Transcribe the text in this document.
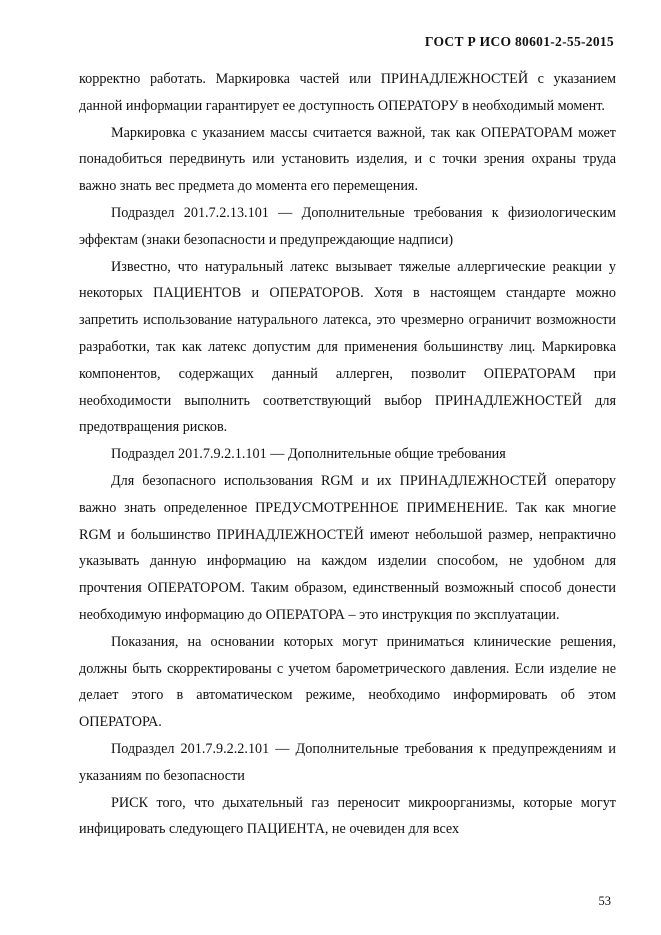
ГОСТ Р ИСО 80601-2-55-2015

корректно работать. Маркировка частей или ПРИНАДЛЕЖНОСТЕЙ с указанием данной информации гарантирует ее доступность ОПЕРАТОРУ в необходимый момент.

Маркировка с указанием массы считается важной, так как ОПЕРАТОРАМ может понадобиться передвинуть или установить изделия, и с точки зрения охраны труда важно знать вес предмета до момента его перемещения.

Подраздел 201.7.2.13.101 — Дополнительные требования к физиологическим эффектам (знаки безопасности и предупреждающие надписи)

Известно, что натуральный латекс вызывает тяжелые аллергические реакции у некоторых ПАЦИЕНТОВ и ОПЕРАТОРОВ. Хотя в настоящем стандарте можно запретить использование натурального латекса, это чрезмерно ограничит возможности разработки, так как латекс допустим для применения большинству лиц. Маркировка компонентов, содержащих данный аллерген, позволит ОПЕРАТОРАМ при необходимости выполнить соответствующий выбор ПРИНАДЛЕЖНОСТЕЙ для предотвращения рисков.

Подраздел 201.7.9.2.1.101 — Дополнительные общие требования

Для безопасного использования RGM и их ПРИНАДЛЕЖНОСТЕЙ оператору важно знать определенное ПРЕДУСМОТРЕННОЕ ПРИМЕНЕНИЕ. Так как многие RGM и большинство ПРИНАДЛЕЖНОСТЕЙ имеют небольшой размер, непрактично указывать данную информацию на каждом изделии способом, не удобном для прочтения ОПЕРАТОРОМ. Таким образом, единственный возможный способ донести необходимую информацию до ОПЕРАТОРА – это инструкция по эксплуатации.

Показания, на основании которых могут приниматься клинические решения, должны быть скорректированы с учетом барометрического давления. Если изделие не делает этого в автоматическом режиме, необходимо информировать об этом ОПЕРАТОРА.

Подраздел 201.7.9.2.2.101 — Дополнительные требования к предупреждениям и указаниям по безопасности

РИСК того, что дыхательный газ переносит микроорганизмы, которые могут инфицировать следующего ПАЦИЕНТА, не очевиден для всех

53
